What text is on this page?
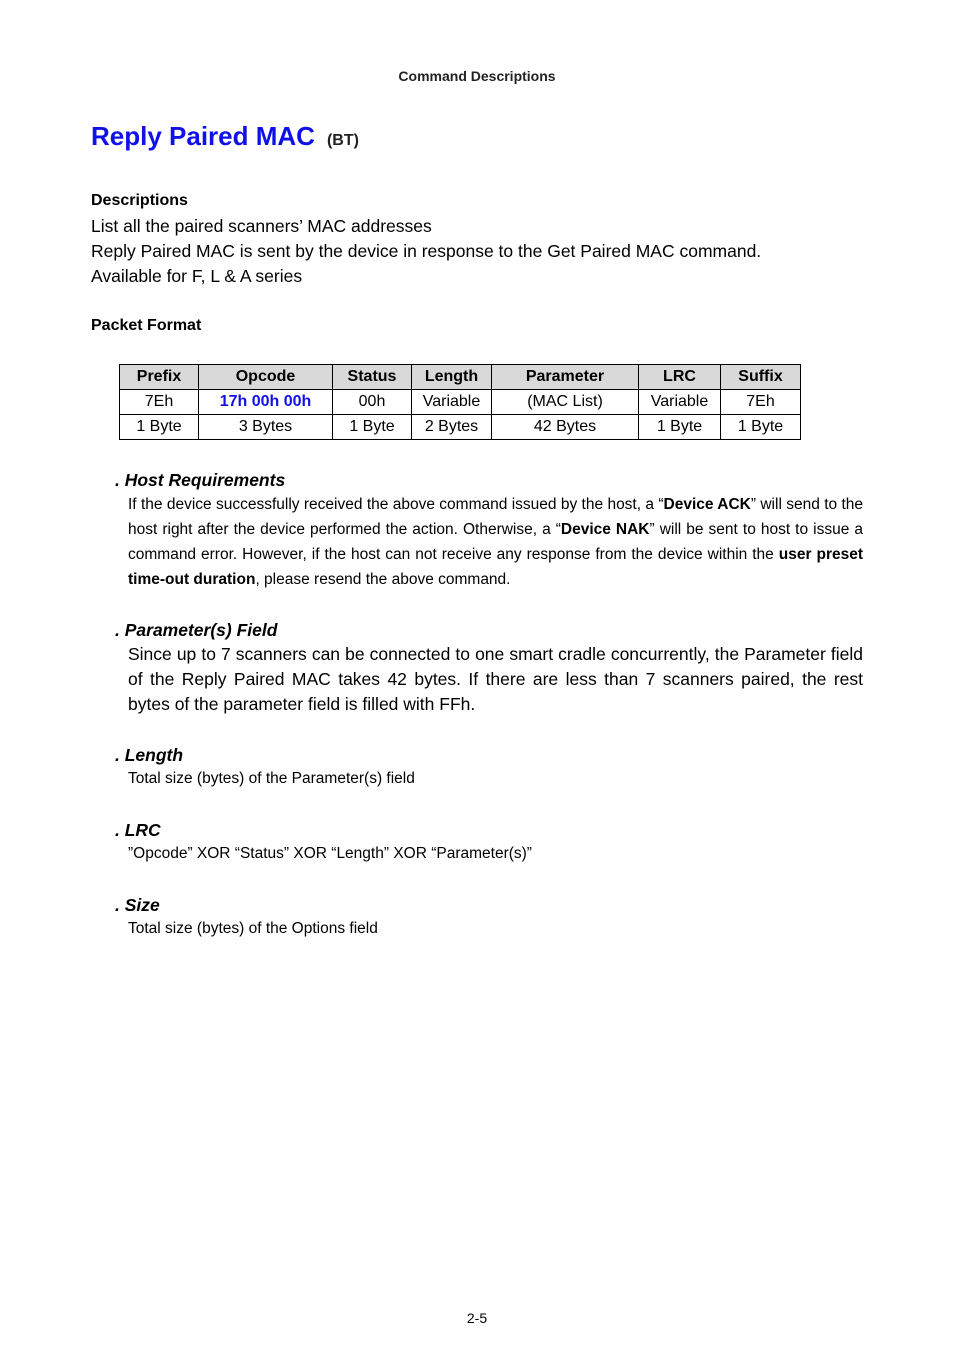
Command Descriptions
Reply Paired MAC (BT)
Descriptions
List all the paired scanners’ MAC addresses
Reply Paired MAC is sent by the device in response to the Get Paired MAC command.
Available for F, L & A series
Packet Format
Prefix	Opcode	Status	Length	Parameter	LRC	Suffix
7Eh	17h 00h 00h	00h	Variable	(MAC List)	Variable	7Eh
1 Byte	3 Bytes	1 Byte	2 Bytes	42 Bytes	1 Byte	1 Byte
. Host Requirements
If the device successfully received the above command issued by the host, a “Device ACK” will send to the host right after the device performed the action. Otherwise, a “Device NAK” will be sent to host to issue a command error. However, if the host can not receive any response from the device within the user preset time-out duration, please resend the above command.
. Parameter(s) Field
Since up to 7 scanners can be connected to one smart cradle concurrently, the Parameter field of the Reply Paired MAC takes 42 bytes. If there are less than 7 scanners paired, the rest bytes of the parameter field is filled with FFh.
. Length
Total size (bytes) of the Parameter(s) field
. LRC
”Opcode” XOR “Status” XOR “Length” XOR “Parameter(s)”
. Size
Total size (bytes) of the Options field
2-5
